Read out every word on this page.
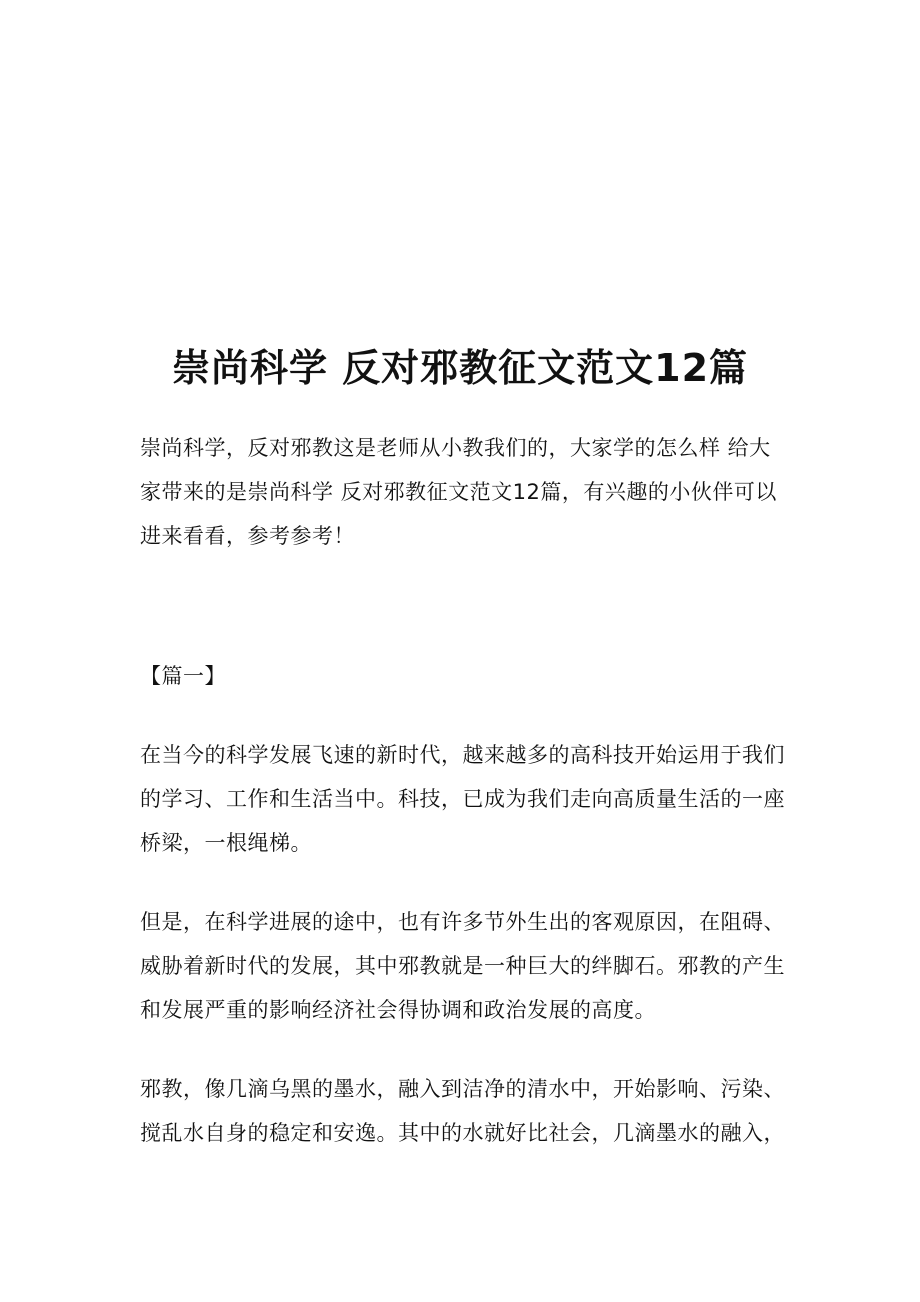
崇尚科学 反对邪教征文范文12篇

崇尚科学，反对邪教这是老师从小教我们的，大家学的怎么样 给大家带来的是崇尚科学 反对邪教征文范文12篇，有兴趣的小伙伴可以进来看看，参考参考！

【篇一】

在当今的科学发展飞速的新时代，越来越多的高科技开始运用于我们的学习、工作和生活当中。科技，已成为我们走向高质量生活的一座桥梁，一根绳梯。

但是，在科学进展的途中，也有许多节外生出的客观原因，在阻碍、威胁着新时代的发展，其中邪教就是一种巨大的绊脚石。邪教的产生和发展严重的影响经济社会得协调和政治发展的高度。

邪教，像几滴乌黑的墨水，融入到洁净的清水中，开始影响、污染、搅乱水自身的稳定和安逸。其中的水就好比社会，几滴墨水的融入，
